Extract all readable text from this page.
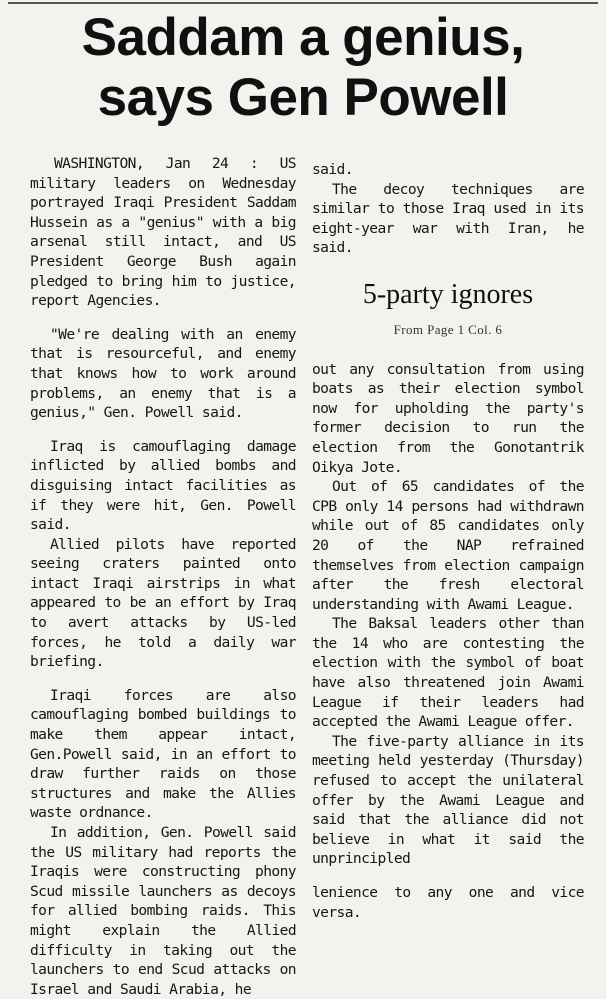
Saddam a genius,
says Gen Powell

WASHINGTON, Jan 24 : US military leaders on Wednesday portrayed Iraqi President Saddam Hussein as a "genius" with a big arsenal still intact, and US President George Bush again pledged to bring him to justice, report Agencies.

"We're dealing with an enemy that is resourceful, and enemy that knows how to work around problems, an enemy that is a genius," Gen. Powell said.

Iraq is camouflaging damage inflicted by allied bombs and disguising intact facilities as if they were hit, Gen. Powell said.

Allied pilots have reported seeing craters painted onto intact Iraqi airstrips in what appeared to be an effort by Iraq to avert attacks by US-led forces, he told a daily war briefing.

Iraqi forces are also camouflaging bombed buildings to make them appear intact, Gen.Powell said, in an effort to draw further raids on those structures and make the Allies waste ordnance.

In addition, Gen. Powell said the US military had reports the Iraqis were constructing phony Scud missile launchers as decoys for allied bombing raids. This might explain the Allied difficulty in taking out the launchers to end Scud attacks on Israel and Saudi Arabia, he

said.

The decoy techniques are similar to those Iraq used in its eight-year war with Iran, he said.

5-party ignores
From Page 1 Col. 6

out any consultation from using boats as their election symbol now for upholding the party's former decision to run the election from the Gonotantrik Oikya Jote.

Out of 65 candidates of the CPB only 14 persons had withdrawn while out of 85 candidates only 20 of the NAP refrained themselves from election campaign after the fresh electoral understanding with Awami League.

The Baksal leaders other than the 14 who are contesting the election with the symbol of boat have also threatened join Awami League if their leaders had accepted the Awami League offer.

The five-party alliance in its meeting held yesterday (Thursday) refused to accept the unilateral offer by the Awami League and said that the alliance did not believe in what it said the unprincipled

lenience to any one and vice versa.
